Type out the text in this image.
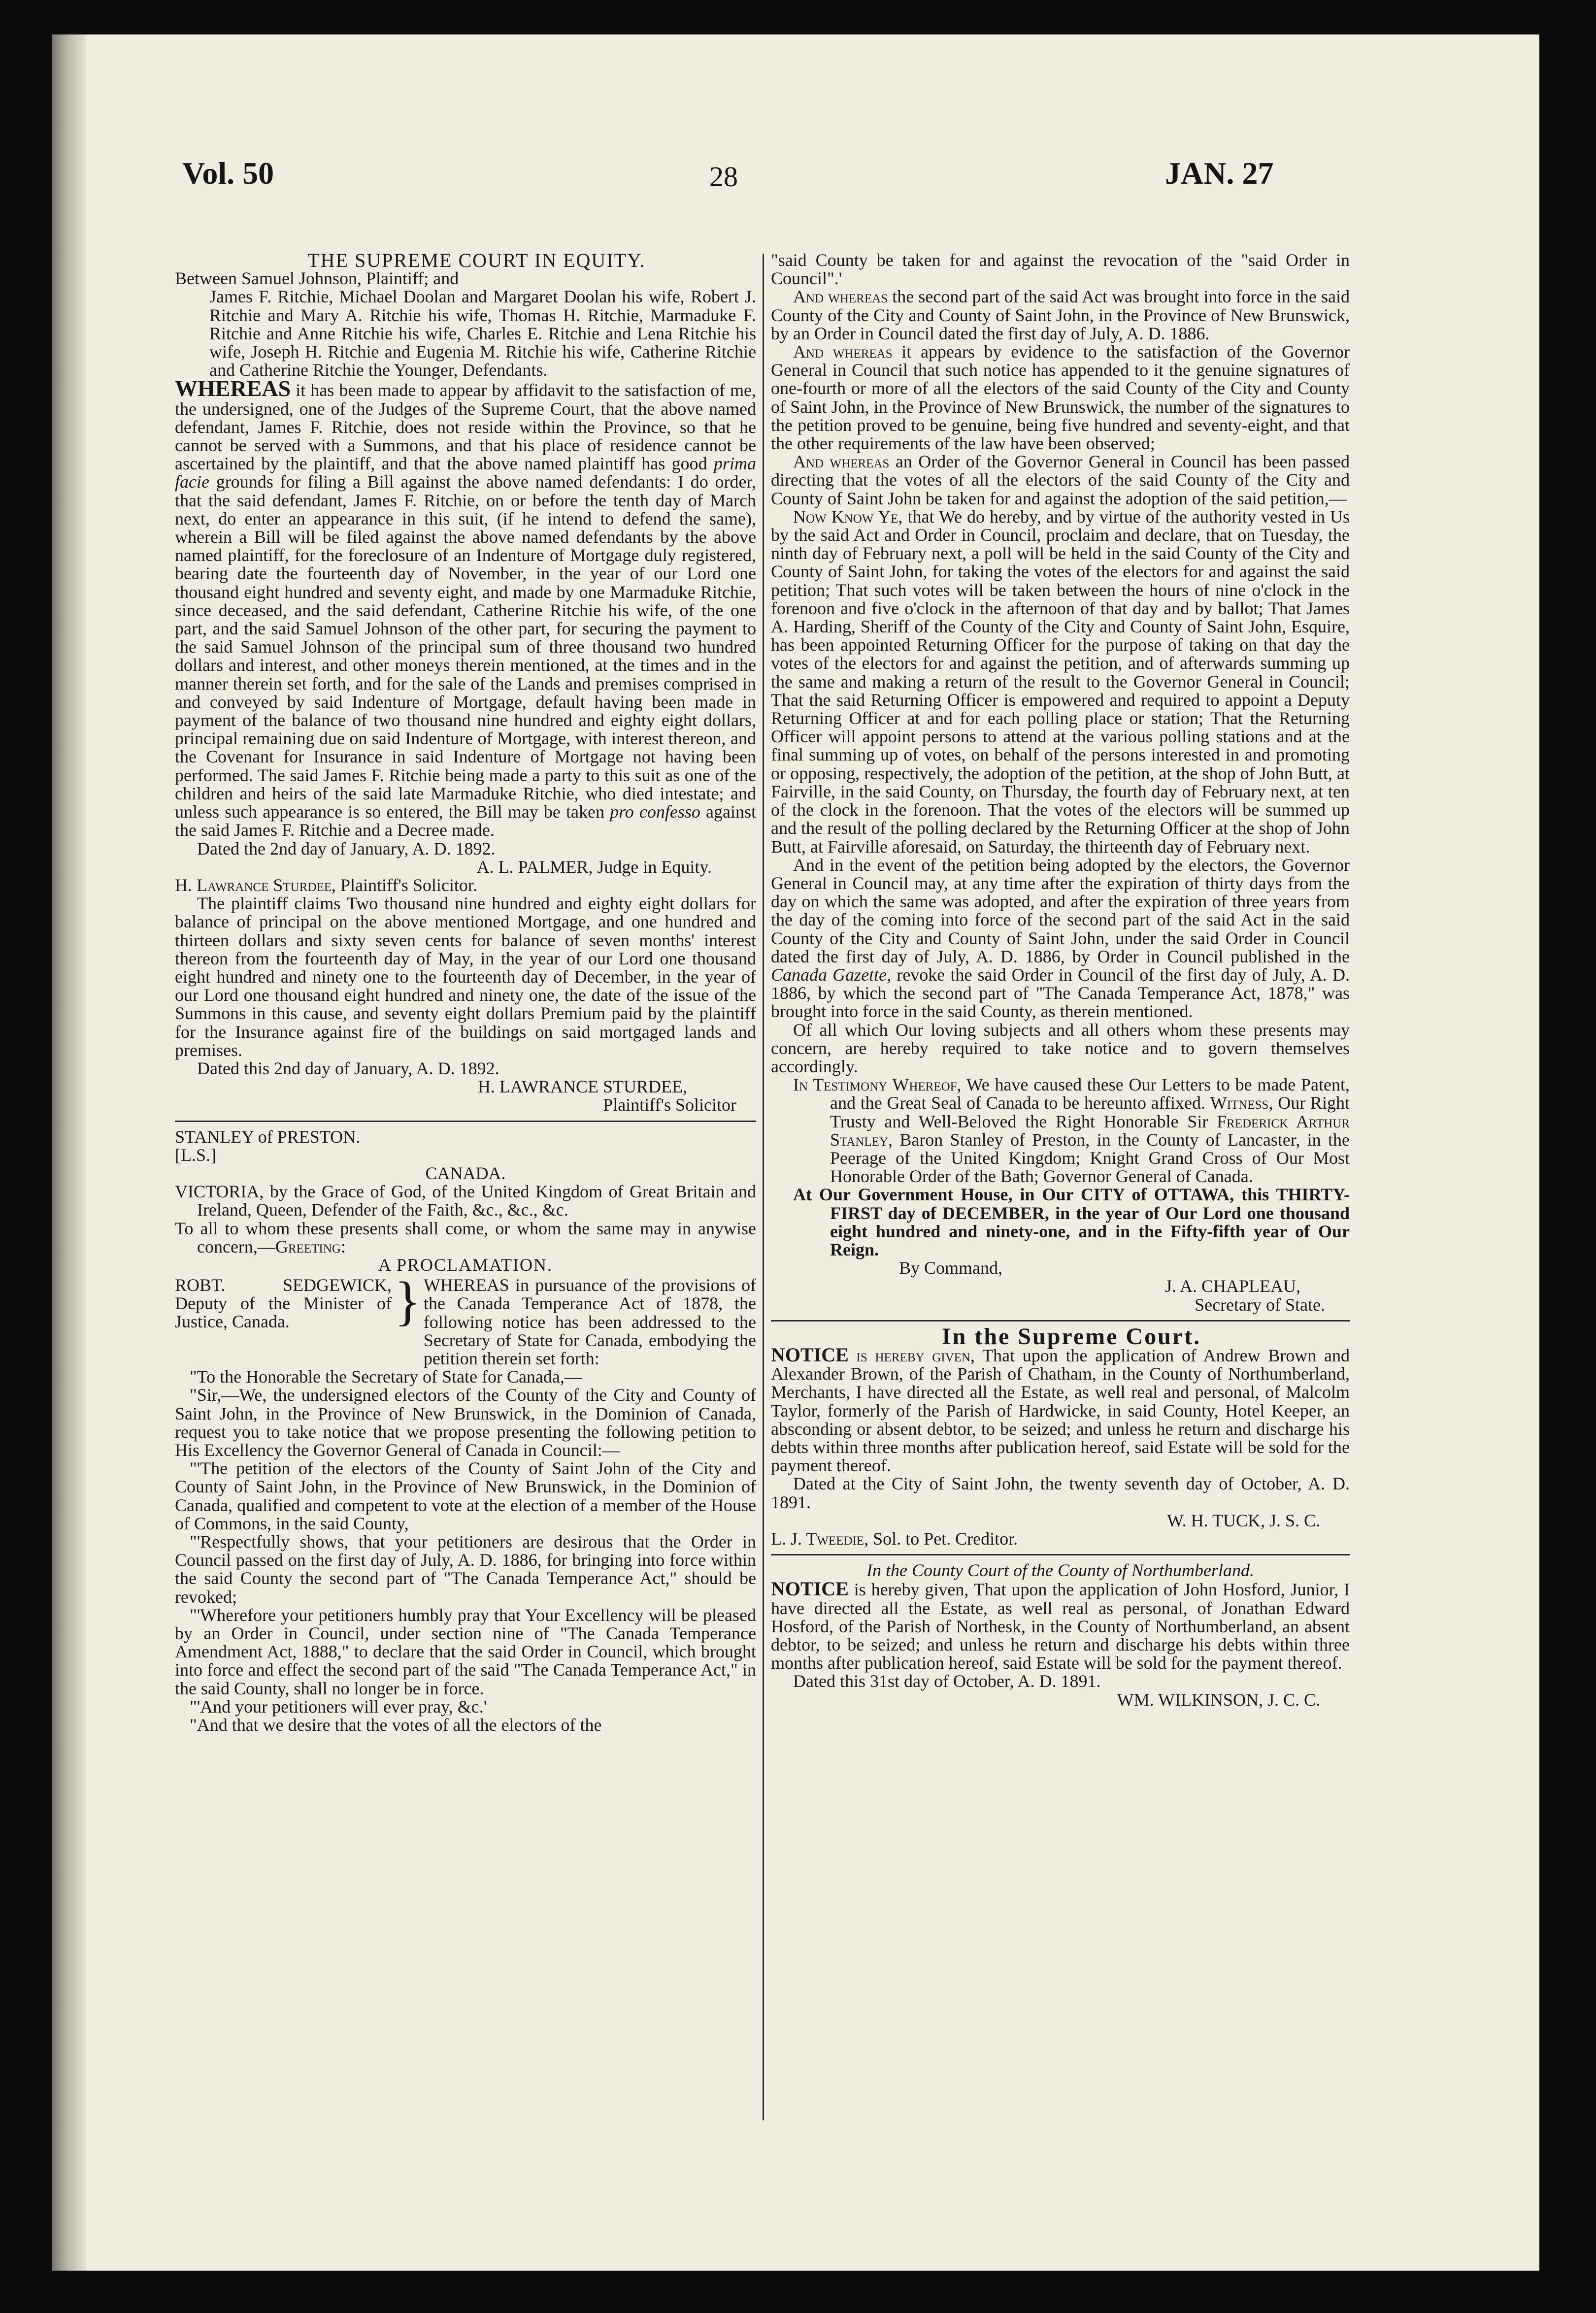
Vol. 50	28	JAN. 27

THE SUPREME COURT IN EQUITY.

Between Samuel Johnson, Plaintiff; and

James F. Ritchie, Michael Doolan and Margaret Doolan his wife, Robert J. Ritchie and Mary A. Ritchie his wife, Thomas H. Ritchie, Marmaduke F. Ritchie and Anne Ritchie his wife, Charles E. Ritchie and Lena Ritchie his wife, Joseph H. Ritchie and Eugenia M. Ritchie his wife, Catherine Ritchie and Catherine Ritchie the Younger, Defendants.

WHEREAS it has been made to appear by affidavit to the satisfaction of me, the undersigned, one of the Judges of the Supreme Court, that the above named defendant, James F. Ritchie, does not reside within the Province, so that he cannot be served with a Summons, and that his place of residence cannot be ascertained by the plaintiff, and that the above named plaintiff has good prima facie grounds for filing a Bill against the above named defendants: I do order, that the said defendant, James F. Ritchie, on or before the tenth day of March next, do enter an appearance in this suit, (if he intend to defend the same), wherein a Bill will be filed against the above named defendants by the above named plaintiff, for the foreclosure of an Indenture of Mortgage duly registered, bearing date the fourteenth day of November, in the year of our Lord one thousand eight hundred and seventy eight, and made by one Marmaduke Ritchie, since deceased, and the said defendant, Catherine Ritchie his wife, of the one part, and the said Samuel Johnson of the other part, for securing the payment to the said Samuel Johnson of the principal sum of three thousand two hundred dollars and interest, and other moneys therein mentioned, at the times and in the manner therein set forth, and for the sale of the Lands and premises comprised in and conveyed by said Indenture of Mortgage, default having been made in payment of the balance of two thousand nine hundred and eighty eight dollars, principal remaining due on said Indenture of Mortgage, with interest thereon, and the Covenant for Insurance in said Indenture of Mortgage not having been performed. The said James F. Ritchie being made a party to this suit as one of the children and heirs of the said late Marmaduke Ritchie, who died intestate; and unless such appearance is so entered, the Bill may be taken pro confesso against the said James F. Ritchie and a Decree made.

Dated the 2nd day of January, A. D. 1892.

A. L. PALMER, Judge in Equity.

H. Lawrance Sturdee, Plaintiff's Solicitor.

The plaintiff claims Two thousand nine hundred and eighty eight dollars for balance of principal on the above mentioned Mortgage, and one hundred and thirteen dollars and sixty seven cents for balance of seven months' interest thereon from the fourteenth day of May, in the year of our Lord one thousand eight hundred and ninety one to the fourteenth day of December, in the year of our Lord one thousand eight hundred and ninety one, the date of the issue of the Summons in this cause, and seventy eight dollars Premium paid by the plaintiff for the Insurance against fire of the buildings on said mortgaged lands and premises.

Dated this 2nd day of January, A. D. 1892.

H. LAWRANCE STURDEE,

Plaintiff's Solicitor

STANLEY of PRESTON.

[L.S.]

CANADA.

VICTORIA, by the Grace of God, of the United Kingdom of Great Britain and Ireland, Queen, Defender of the Faith, &c., &c., &c.

To all to whom these presents shall come, or whom the same may in anywise concern,—Greeting:

A PROCLAMATION.

ROBT. SEDGEWICK, Deputy of the Minister of Justice, Canada.	} WHEREAS in pursuance of the provisions of the Canada Temperance Act of 1878, the following notice has been addressed to the Secretary of State for Canada, embodying the petition therein set forth:

"To the Honorable the Secretary of State for Canada,—

"Sir,—We, the undersigned electors of the County of the City and County of Saint John, in the Province of New Brunswick, in the Dominion of Canada, request you to take notice that we propose presenting the following petition to His Excellency the Governor General of Canada in Council:—

"'The petition of the electors of the County of Saint John of the City and County of Saint John, in the Province of New Brunswick, in the Dominion of Canada, qualified and competent to vote at the election of a member of the House of Commons, in the said County,

"'Respectfully shows, that your petitioners are desirous that the Order in Council passed on the first day of July, A. D. 1886, for bringing into force within the said County the second part of "The Canada Temperance Act," should be revoked;

"'Wherefore your petitioners humbly pray that Your Excellency will be pleased by an Order in Council, under section nine of "The Canada Temperance Amendment Act, 1888," to declare that the said Order in Council, which brought into force and effect the second part of the said "The Canada Temperance Act," in the said County, shall no longer be in force.

"'And your petitioners will ever pray, &c.'

"And that we desire that the votes of all the electors of the

"said County be taken for and against the revocation of the "said Order in Council".'

And whereas the second part of the said Act was brought into force in the said County of the City and County of Saint John, in the Province of New Brunswick, by an Order in Council dated the first day of July, A. D. 1886.

And whereas it appears by evidence to the satisfaction of the Governor General in Council that such notice has appended to it the genuine signatures of one-fourth or more of all the electors of the said County of the City and County of Saint John, in the Province of New Brunswick, the number of the signatures to the petition proved to be genuine, being five hundred and seventy-eight, and that the other requirements of the law have been observed;

And whereas an Order of the Governor General in Council has been passed directing that the votes of all the electors of the said County of the City and County of Saint John be taken for and against the adoption of the said petition,—

Now Know Ye, that We do hereby, and by virtue of the authority vested in Us by the said Act and Order in Council, proclaim and declare, that on Tuesday, the ninth day of February next, a poll will be held in the said County of the City and County of Saint John, for taking the votes of the electors for and against the said petition; That such votes will be taken between the hours of nine o'clock in the forenoon and five o'clock in the afternoon of that day and by ballot; That James A. Harding, Sheriff of the County of the City and County of Saint John, Esquire, has been appointed Returning Officer for the purpose of taking on that day the votes of the electors for and against the petition, and of afterwards summing up the same and making a return of the result to the Governor General in Council; That the said Returning Officer is empowered and required to appoint a Deputy Returning Officer at and for each polling place or station; That the Returning Officer will appoint persons to attend at the various polling stations and at the final summing up of votes, on behalf of the persons interested in and promoting or opposing, respectively, the adoption of the petition, at the shop of John Butt, at Fairville, in the said County, on Thursday, the fourth day of February next, at ten of the clock in the forenoon. That the votes of the electors will be summed up and the result of the polling declared by the Returning Officer at the shop of John Butt, at Fairville aforesaid, on Saturday, the thirteenth day of February next.

And in the event of the petition being adopted by the electors, the Governor General in Council may, at any time after the expiration of thirty days from the day on which the same was adopted, and after the expiration of three years from the day of the coming into force of the second part of the said Act in the said County of the City and County of Saint John, under the said Order in Council dated the first day of July, A. D. 1886, by Order in Council published in the Canada Gazette, revoke the said Order in Council of the first day of July, A. D. 1886, by which the second part of "The Canada Temperance Act, 1878," was brought into force in the said County, as therein mentioned.

Of all which Our loving subjects and all others whom these presents may concern, are hereby required to take notice and to govern themselves accordingly.

In Testimony Whereof, We have caused these Our Letters to be made Patent, and the Great Seal of Canada to be hereunto affixed. Witness, Our Right Trusty and Well-Beloved the Right Honorable Sir Frederick Arthur Stanley, Baron Stanley of Preston, in the County of Lancaster, in the Peerage of the United Kingdom; Knight Grand Cross of Our Most Honorable Order of the Bath; Governor General of Canada.

At Our Government House, in Our CITY of OTTAWA, this THIRTY-FIRST day of DECEMBER, in the year of Our Lord one thousand eight hundred and ninety-one, and in the Fifty-fifth year of Our Reign.

By Command,

J. A. CHAPLEAU,

Secretary of State.

In the Supreme Court.

NOTICE is hereby given, That upon the application of Andrew Brown and Alexander Brown, of the Parish of Chatham, in the County of Northumberland, Merchants, I have directed all the Estate, as well real and personal, of Malcolm Taylor, formerly of the Parish of Hardwicke, in said County, Hotel Keeper, an absconding or absent debtor, to be seized; and unless he return and discharge his debts within three months after publication hereof, said Estate will be sold for the payment thereof.

Dated at the City of Saint John, the twenty seventh day of October, A. D. 1891.

W. H. TUCK, J. S. C.

L. J. Tweedie, Sol. to Pet. Creditor.

In the County Court of the County of Northumberland.

NOTICE is hereby given, That upon the application of John Hosford, Junior, I have directed all the Estate, as well real as personal, of Jonathan Edward Hosford, of the Parish of Northesk, in the County of Northumberland, an absent debtor, to be seized; and unless he return and discharge his debts within three months after publication hereof, said Estate will be sold for the payment thereof.

Dated this 31st day of October, A. D. 1891.

WM. WILKINSON, J. C. C.
